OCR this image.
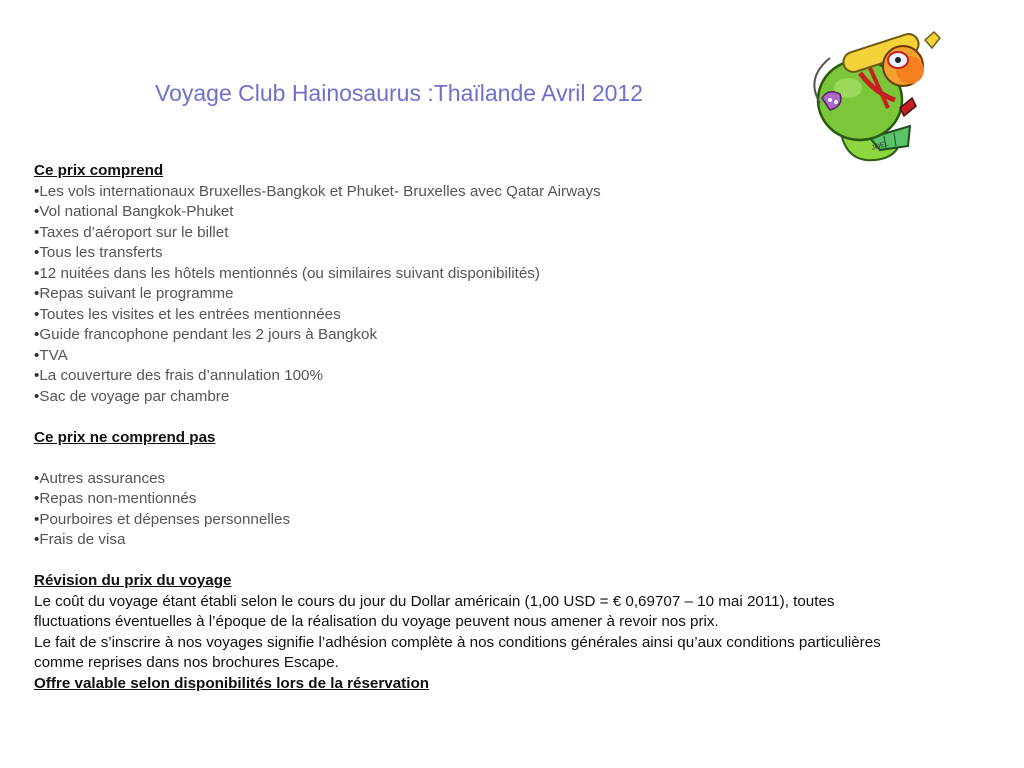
Voyage Club Hainosaurus :Thaïlande Avril 2012
JOEL
Ce prix comprend
•Les vols internationaux Bruxelles-Bangkok et Phuket- Bruxelles avec Qatar Airways
•Vol national Bangkok-Phuket
•Taxes d’aéroport sur le billet
•Tous les transferts
•12 nuitées dans les hôtels mentionnés (ou similaires suivant disponibilités)
•Repas suivant le programme
•Toutes les visites et les entrées mentionnées
•Guide francophone pendant les 2 jours à Bangkok
•TVA
•La couverture des frais d’annulation 100%
•Sac de voyage par chambre
Ce prix ne comprend pas
•Autres assurances
•Repas non-mentionnés
•Pourboires et dépenses personnelles
•Frais de visa
Révision du prix du voyage
Le coût du voyage étant établi selon le cours du jour du Dollar américain (1,00 USD = € 0,69707 – 10 mai 2011), toutes fluctuations éventuelles à l’époque de la réalisation du voyage peuvent nous amener à revoir nos prix.
Le fait de s’inscrire à nos voyages signifie l’adhésion complète à nos conditions générales ainsi qu’aux conditions particulières comme reprises dans nos brochures Escape.
Offre valable selon disponibilités lors de la réservation
